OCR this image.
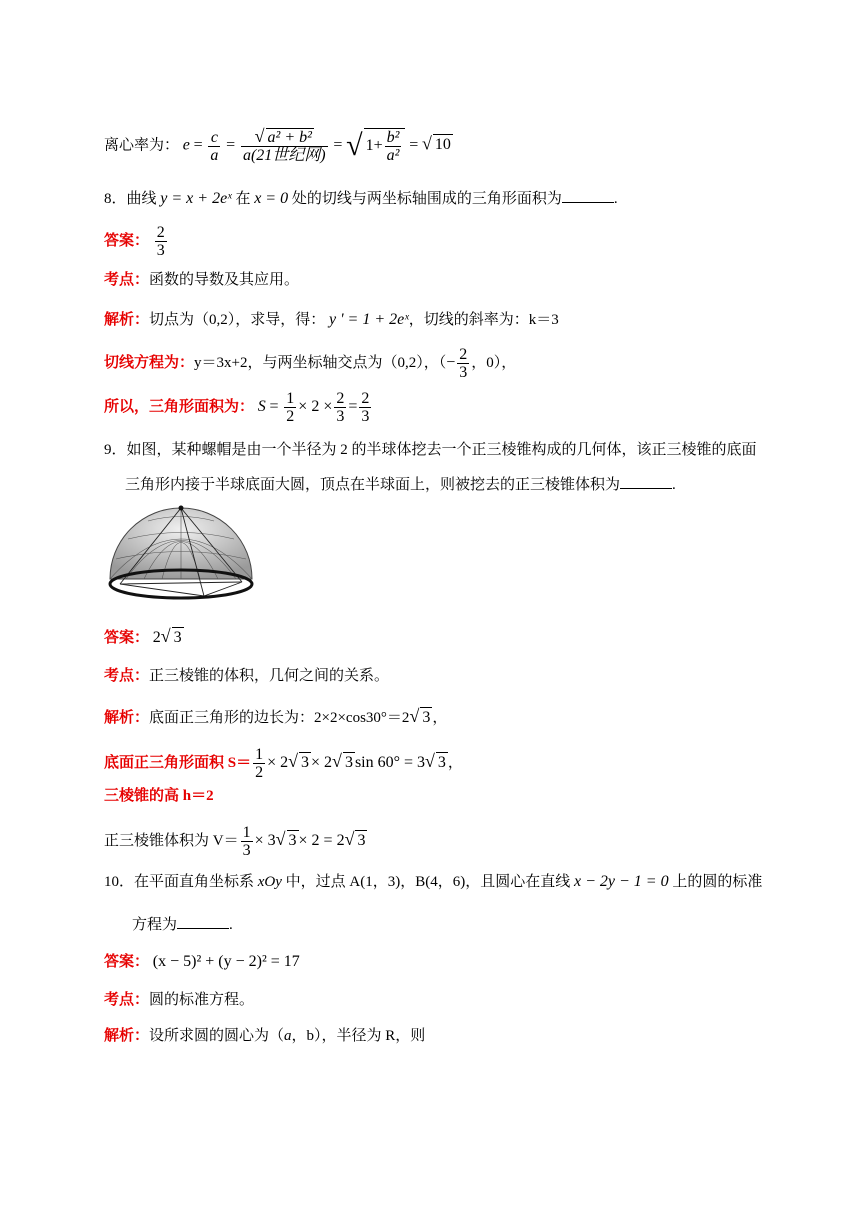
离心率为： $e = \frac{c}{a} = \frac{\text{√ a² + b²}}{\text{a(21世纪网)}}$ = √ $1+ \frac{\text{b²}}{\text{a²}}$ = √ 10
8．曲线 y = x + 2eˣ 在 x = 0 处的切线与两坐标轴围成的三角形面积为	.
答案： $\frac{2}{3}$
考点：函数的导数及其应用。
解析：切点为（0,2），求导，得： y ' = 1 + 2eˣ，切线的斜率为：k＝3
切线方程为：y＝3x+2，与两坐标轴交点为（0,2），（− $\frac{2}{3}$ ，0），
所以，三角形面积为： $S = \frac{1}{2} \times 2 \times \frac{2}{3} = \frac{2}{3}$
9．如图，某种螺帽是由一个半径为 2 的半球体挖去一个正三棱锥构成的几何体，该正三棱锥的底面
三角形内接于半球底面大圆，顶点在半球面上，则被挖去的正三棱锥体积为	.
答案： 2√ 3
考点：正三棱锥的体积，几何之间的关系。
解析：底面正三角形的边长为：2×2×cos30°＝2√ 3 ，
底面正三角形面积 $S= \frac{1}{2} \times 2√$ 3 × 2√ 3 sin 60° = 3√ 3 ，
三棱锥的高 h＝2
正三棱锥体积为 $V= \frac{1}{3} \times 3√$ 3 × 2 = 2√ 3
10．在平面直角坐标系 xOy 中，过点 A(1，3)，B(4，6)，且圆心在直线 x − 2y − 1 = 0 上的圆的标准
方程为	.
答案： (x − 5)² + (y − 2)² = 17
考点：圆的标准方程。
解析：设所求圆的圆心为（a，b），半径为 R，则
